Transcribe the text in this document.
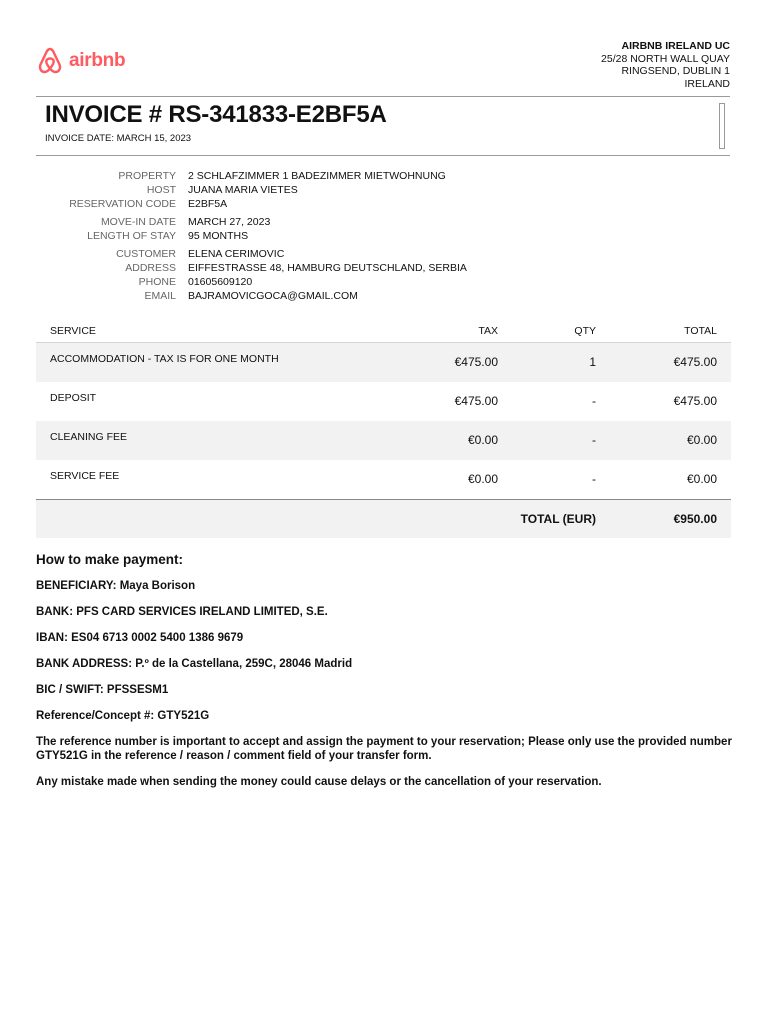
airbnb
AIRBNB IRELAND UC
25/28 NORTH WALL QUAY
RINGSEND, DUBLIN 1
IRELAND
INVOICE # RS-341833-E2BF5A
INVOICE DATE: MARCH 15, 2023
PROPERTY 2 SCHLAFZIMMER 1 BADEZIMMER MIETWOHNUNG
HOST JUANA MARIA VIETES
RESERVATION CODE E2BF5A
MOVE-IN DATE MARCH 27, 2023
LENGTH OF STAY 95 MONTHS
CUSTOMER ELENA CERIMOVIC
ADDRESS EIFFESTRASSE 48, HAMBURG DEUTSCHLAND, SERBIA
PHONE 01605609120
EMAIL BAJRAMOVICGOCA@GMAIL.COM
SERVICE	TAX	QTY	TOTAL
ACCOMMODATION - TAX IS FOR ONE MONTH	€475.00	1	€475.00
DEPOSIT	€475.00	-	€475.00
CLEANING FEE	€0.00	-	€0.00
SERVICE FEE	€0.00	-	€0.00
TOTAL (EUR)	€950.00
How to make payment:

BENEFICIARY: Maya Borison

BANK: PFS CARD SERVICES IRELAND LIMITED, S.E.

IBAN: ES04 6713 0002 5400 1386 9679

BANK ADDRESS: P.º de la Castellana, 259C, 28046 Madrid

BIC / SWIFT: PFSSESM1

Reference/Concept #: GTY521G

The reference number is important to accept and assign the payment to your reservation; Please only use the provided number GTY521G in the reference / reason / comment field of your transfer form.

Any mistake made when sending the money could cause delays or the cancellation of your reservation.
